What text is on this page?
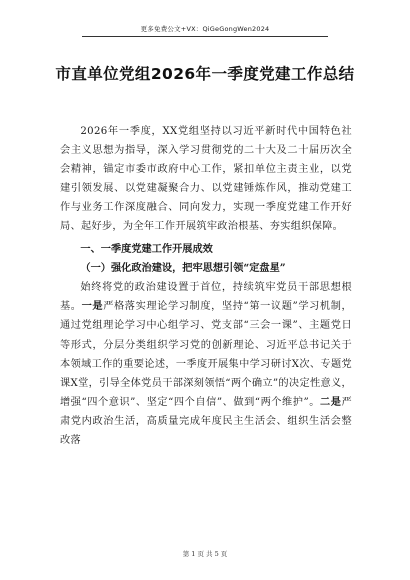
更多免费公文+VX：QiGeGongWen2024
市直单位党组2026年一季度党建工作总结

2026年一季度，XX党组坚持以习近平新时代中国特色社会主义思想为指导，深入学习贯彻党的二十大及二十届历次全会精神，锚定市委市政府中心工作，紧扣单位主责主业，以党建引领发展、以党建凝聚合力、以党建锤炼作风，推动党建工作与业务工作深度融合、同向发力，实现一季度党建工作开好局、起好步，为全年工作开展筑牢政治根基、夯实组织保障。

一、一季度党建工作开展成效

（一）强化政治建设，把牢思想引领“定盘星”

始终将党的政治建设置于首位，持续筑牢党员干部思想根基。一是严格落实理论学习制度，坚持“第一议题”学习机制，通过党组理论学习中心组学习、党支部“三会一课”、主题党日等形式，分层分类组织学习党的创新理论、习近平总书记关于本领域工作的重要论述，一季度开展集中学习研讨X次、专题党课X堂，引导全体党员干部深刻领悟“两个确立”的决定性意义，增强“四个意识”、坚定“四个自信”、做到“两个维护”。二是严肃党内政治生活，高质量完成年度民主生活会、组织生活会整改落

第 1 页 共 5 页
